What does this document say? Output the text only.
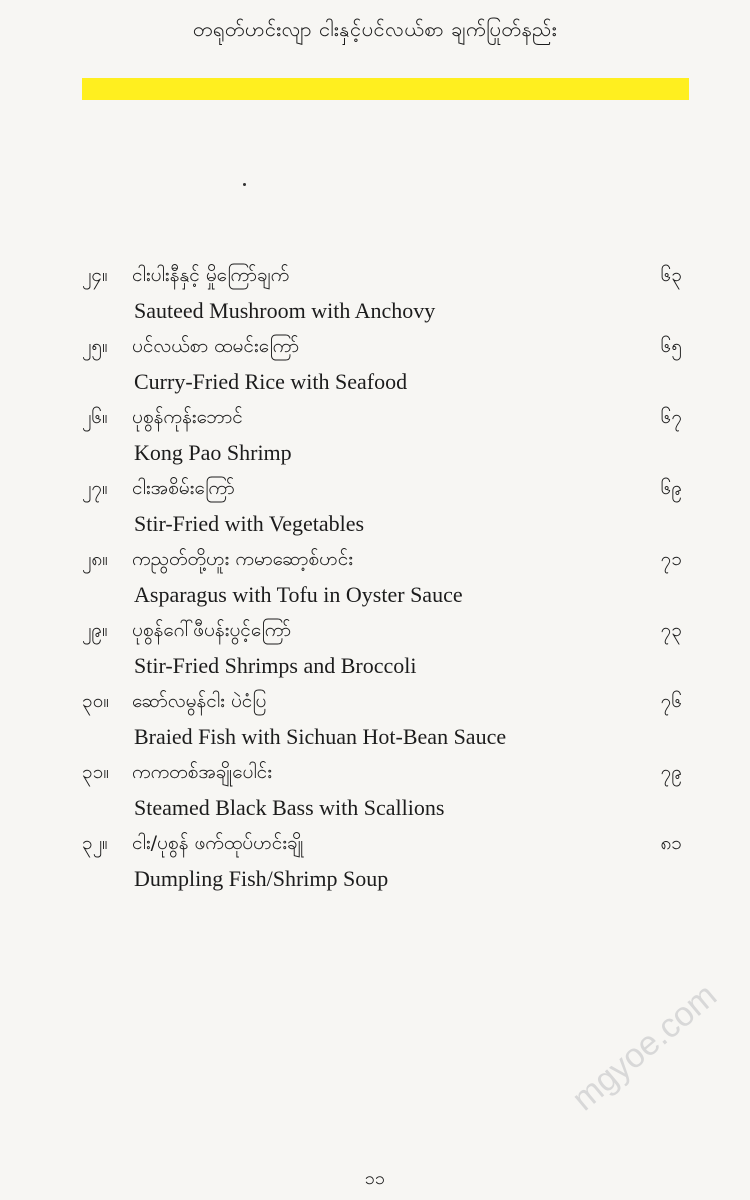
တရုတ်ဟင်းလျာ ငါးနှင့်ပင်လယ်စာ ချက်ပြုတ်နည်း
၂၄။ ငါးပါးနီနှင့် မှိုကြော်ချက်	၆၃
Sauteed Mushroom with Anchovy
၂၅။ ပင်လယ်စာ ထမင်းကြော်	၆၅
Curry-Fried Rice with Seafood
၂၆။ ပုစွန်ကုန်းဘောင်	၆၇
Kong Pao Shrimp
၂၇။ ငါးအစိမ်းကြော်	၆၉
Stir-Fried with Vegetables
၂၈။ ကညွတ်တို့ဟူး ကမာဆော့စ်ဟင်း	၇၁
Asparagus with Tofu in Oyster Sauce
၂၉။ ပုစွန်ဂေါ်ဖီပန်းပွင့်ကြော်	၇၃
Stir-Fried Shrimps and Broccoli
၃၀။ ဆော်လမွန်ငါး ပဲငံပြ	၇၆
Braied Fish with Sichuan Hot-Bean Sauce
၃၁။ ကကတစ်အချိုပေါင်း	၇၉
Steamed Black Bass with Scallions
၃၂။ ငါး/ပုစွန် ဖက်ထုပ်ဟင်းချို	၈၁
Dumpling Fish/Shrimp Soup
mgyoe.com
၁၁
